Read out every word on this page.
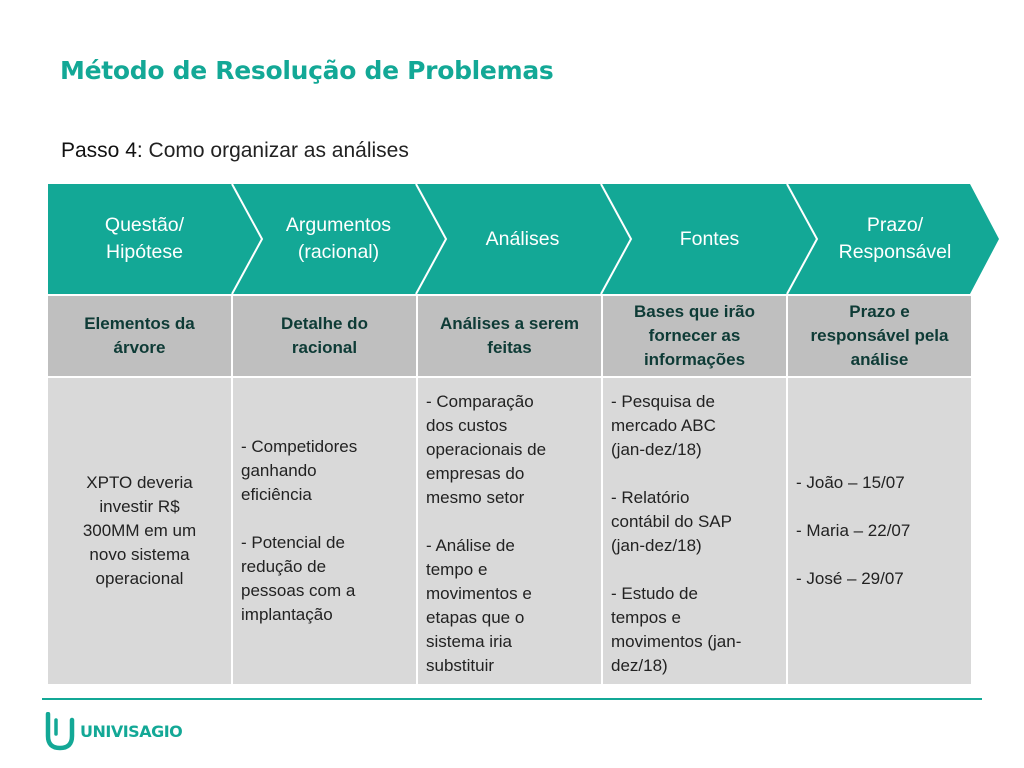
Método de Resolução de Problemas
Passo 4: Como organizar as análises
Questão/
Hipótese
Argumentos
(racional)
Análises	Fontes
Prazo/
Responsável
Elementos da
árvore
Detalhe do
racional
Análises a serem
feitas
Bases que irão
fornecer as
informações
Prazo e
responsável pela
análise
XPTO deveria
investir R$
300MM em um
novo sistema
operacional
- Competidores
ganhando
eficiência

- Potencial de
redução de
pessoas com a
implantação
- Comparação
dos custos
operacionais de
empresas do
mesmo setor

- Análise de
tempo e
movimentos e
etapas que o
sistema iria
substituir
- Pesquisa de
mercado ABC
(jan-dez/18)

- Relatório
contábil do SAP
(jan-dez/18)

- Estudo de
tempos e
movimentos (jan-
dez/18)
- João – 15/07

- Maria – 22/07

- José – 29/07
UNIVISAGIO
